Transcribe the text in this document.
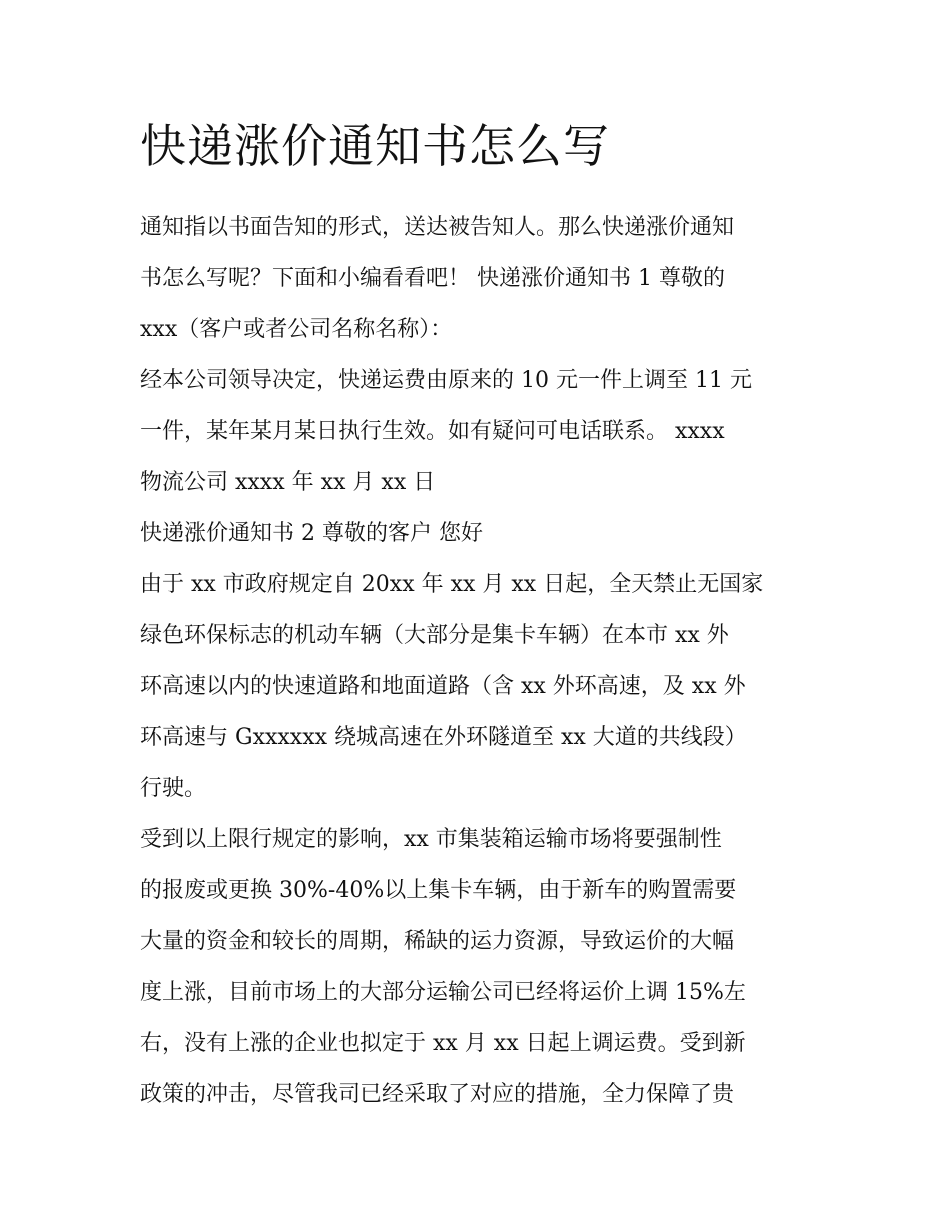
快递涨价通知书怎么写
通知指以书面告知的形式，送达被告知人。那么快递涨价通知
书怎么写呢？下面和小编看看吧！ 快递涨价通知书 1 尊敬的
xxx（客户或者公司名称名称）：
经本公司领导决定，快递运费由原来的 10 元一件上调至 11 元
一件，某年某月某日执行生效。如有疑问可电话联系。 xxxx
物流公司 xxxx 年 xx 月 xx 日
快递涨价通知书 2 尊敬的客户 您好
由于 xx 市政府规定自 20xx 年 xx 月 xx 日起，全天禁止无国家
绿色环保标志的机动车辆（大部分是集卡车辆）在本市 xx 外
环高速以内的快速道路和地面道路（含 xx 外环高速，及 xx 外
环高速与 Gxxxxxx 绕城高速在外环隧道至 xx 大道的共线段）
行驶。
受到以上限行规定的影响，xx 市集装箱运输市场将要强制性
的报废或更换 30%-40%以上集卡车辆，由于新车的购置需要
大量的资金和较长的周期，稀缺的运力资源，导致运价的大幅
度上涨，目前市场上的大部分运输公司已经将运价上调 15%左
右，没有上涨的企业也拟定于 xx 月 xx 日起上调运费。受到新
政策的冲击，尽管我司已经采取了对应的措施，全力保障了贵
